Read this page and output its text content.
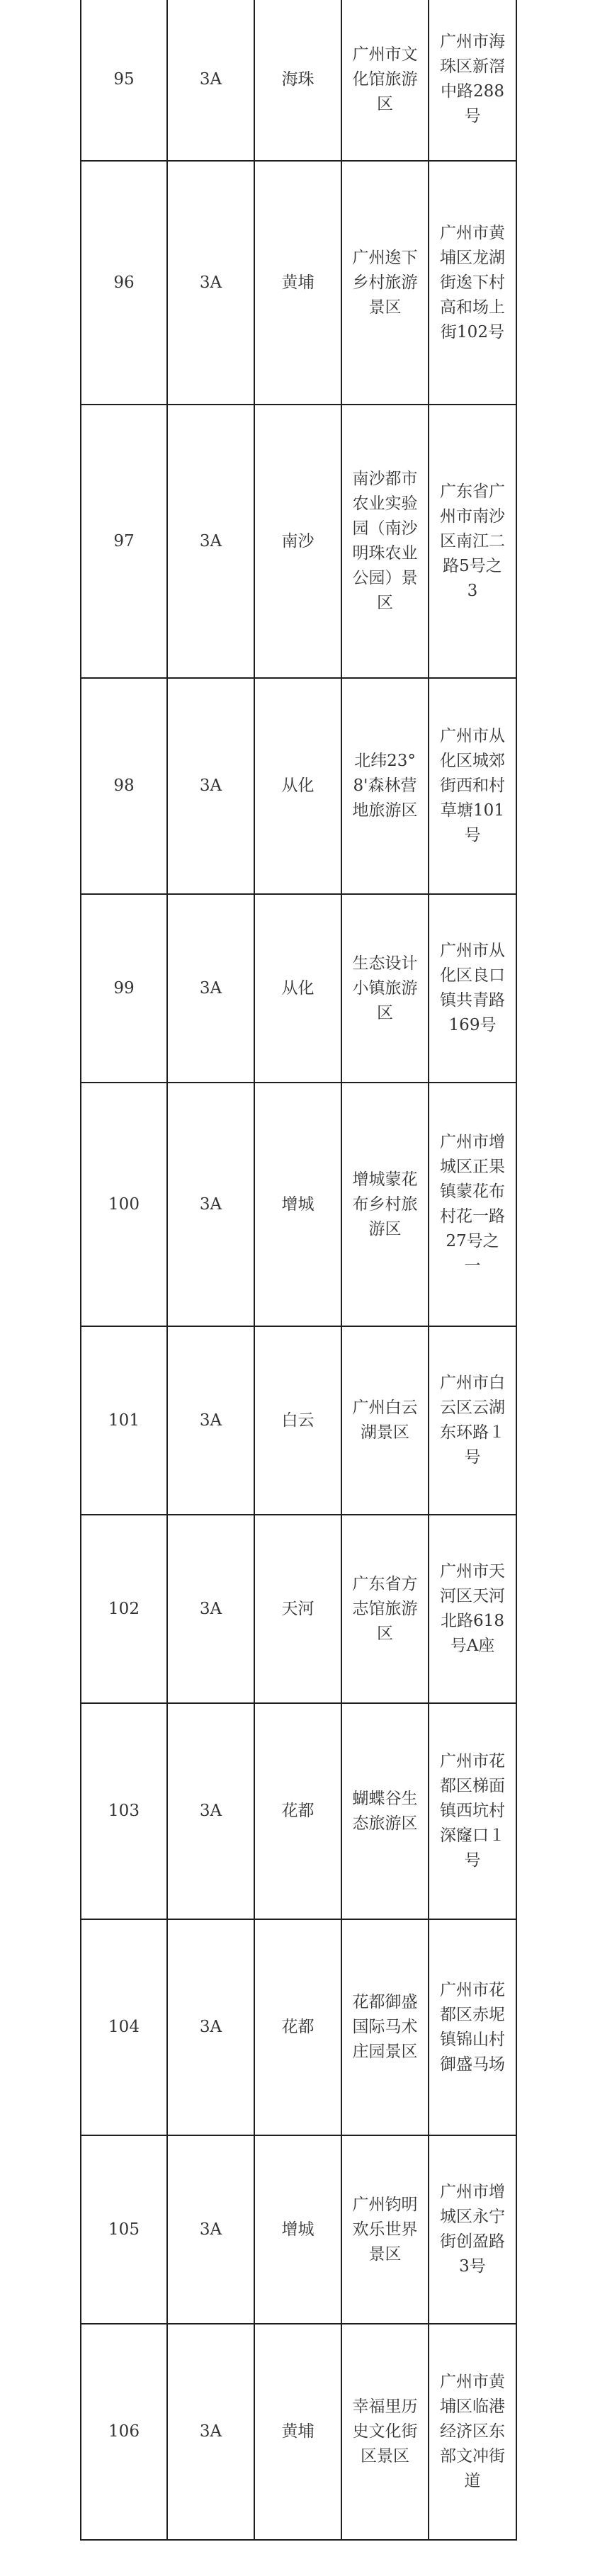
95	3A	海珠	广州市文化馆旅游区	广州市海珠区新滘中路288号

96	3A	黄埔	广州逘下乡村旅游景区	广州市黄埔区龙湖街逘下村高和场上街102号

97	3A	南沙	南沙都市农业实验园（南沙明珠农业公园）景区	广东省广州市南沙区南江二路5号之3

98	3A	从化	北纬23°8'森林营地旅游区	广州市从化区城郊街西和村草塘101号

99	3A	从化	生态设计小镇旅游区	广州市从化区良口镇共青路169号

100	3A	增城	增城蒙花布乡村旅游区	广州市增城区正果镇蒙花布村花一路27号之一

101	3A	白云	广州白云湖景区	广州市白云区云湖东环路１号

102	3A	天河	广东省方志馆旅游区	广州市天河区天河北路618号A座

103	3A	花都	蝴蝶谷生态旅游区	广州市花都区梯面镇西坑村深窿口１号

104	3A	花都	花都御盛国际马术庄园景区	广州市花都区赤坭镇锦山村御盛马场

105	3A	增城	广州钧明欢乐世界景区	广州市增城区永宁街创盈路3号

106	3A	黄埔	幸福里历史文化街区景区	广州市黄埔区临港经济区东部文冲街道
